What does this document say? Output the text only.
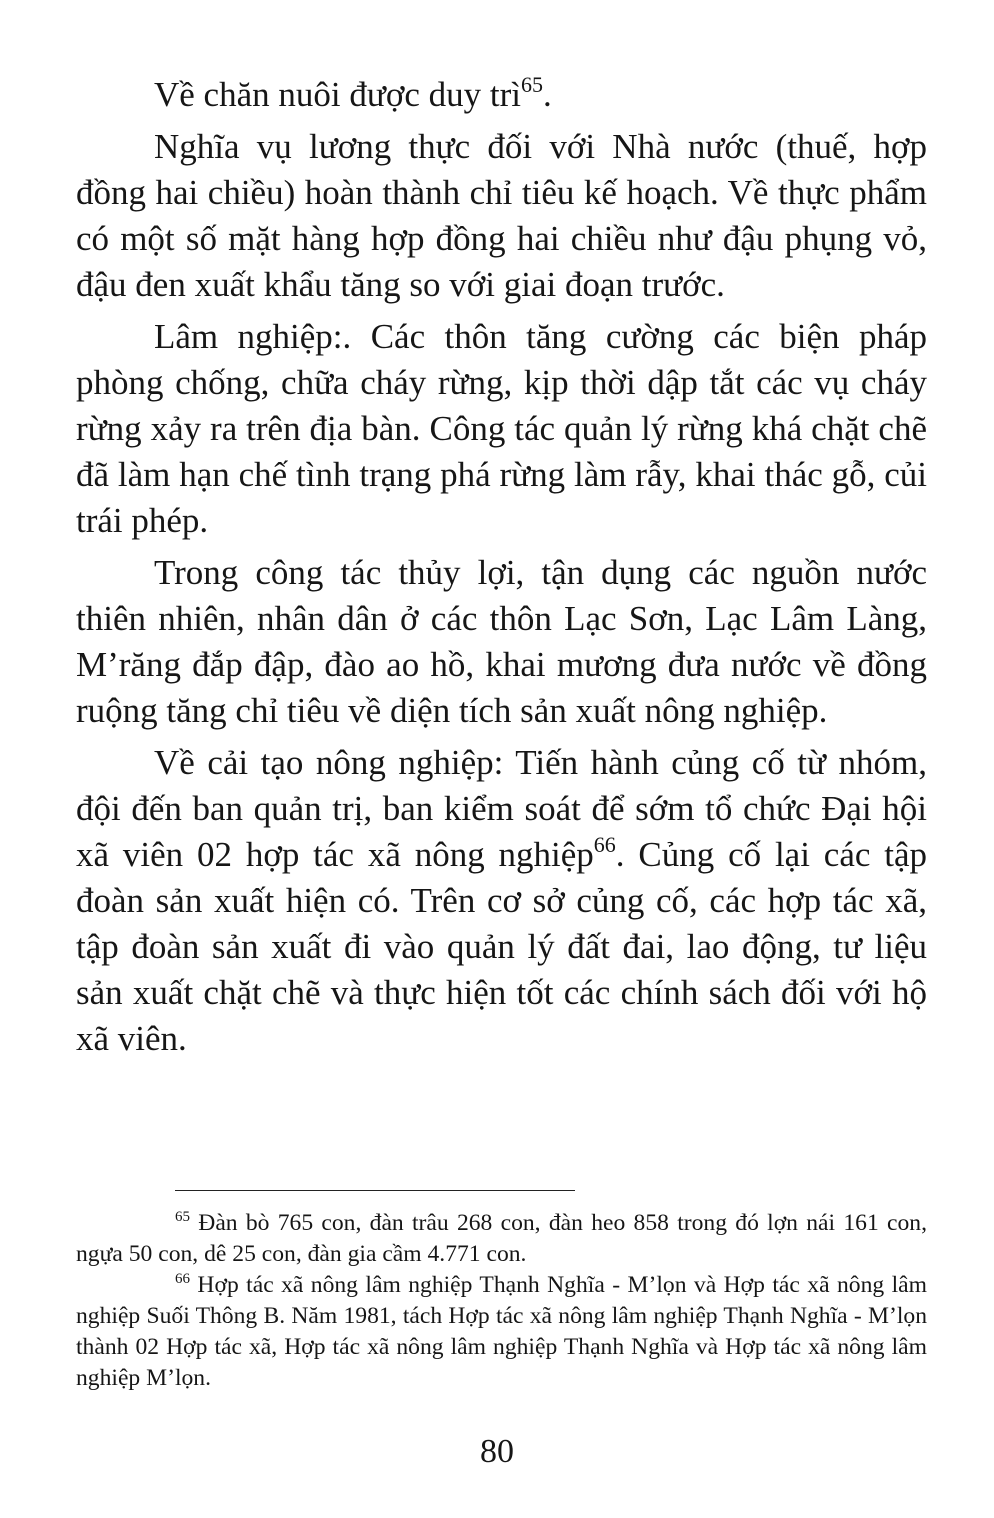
Về chăn nuôi được duy trì$^{65}$.

Nghĩa vụ lương thực đối với Nhà nước (thuế, hợp đồng hai chiều) hoàn thành chỉ tiêu kế hoạch. Về thực phẩm có một số mặt hàng hợp đồng hai chiều như đậu phụng vỏ, đậu đen xuất khẩu tăng so với giai đoạn trước.

Lâm nghiệp:. Các thôn tăng cường các biện pháp phòng chống, chữa cháy rừng, kịp thời dập tắt các vụ cháy rừng xảy ra trên địa bàn. Công tác quản lý rừng khá chặt chẽ đã làm hạn chế tình trạng phá rừng làm rẫy, khai thác gỗ, củi trái phép.

Trong công tác thủy lợi, tận dụng các nguồn nước thiên nhiên, nhân dân ở các thôn Lạc Sơn, Lạc Lâm Làng, M’răng đắp đập, đào ao hồ, khai mương đưa nước về đồng ruộng tăng chỉ tiêu về diện tích sản xuất nông nghiệp.

Về cải tạo nông nghiệp: Tiến hành củng cố từ nhóm, đội đến ban quản trị, ban kiểm soát để sớm tổ chức Đại hội xã viên 02 hợp tác xã nông nghiệp$^{66}$. Củng cố lại các tập đoàn sản xuất hiện có. Trên cơ sở củng cố, các hợp tác xã, tập đoàn sản xuất đi vào quản lý đất đai, lao động, tư liệu sản xuất chặt chẽ và thực hiện tốt các chính sách đối với hộ xã viên.

$^{65}$ Đàn bò 765 con, đàn trâu 268 con, đàn heo 858 trong đó lợn nái 161 con, ngựa 50 con, dê 25 con, đàn gia cầm 4.771 con.

$^{66}$ Hợp tác xã nông lâm nghiệp Thạnh Nghĩa - M’lọn và Hợp tác xã nông lâm nghiệp Suối Thông B. Năm 1981, tách Hợp tác xã nông lâm nghiệp Thạnh Nghĩa - M’lọn thành 02 Hợp tác xã, Hợp tác xã nông lâm nghiệp Thạnh Nghĩa và Hợp tác xã nông lâm nghiệp M’lọn.

80
